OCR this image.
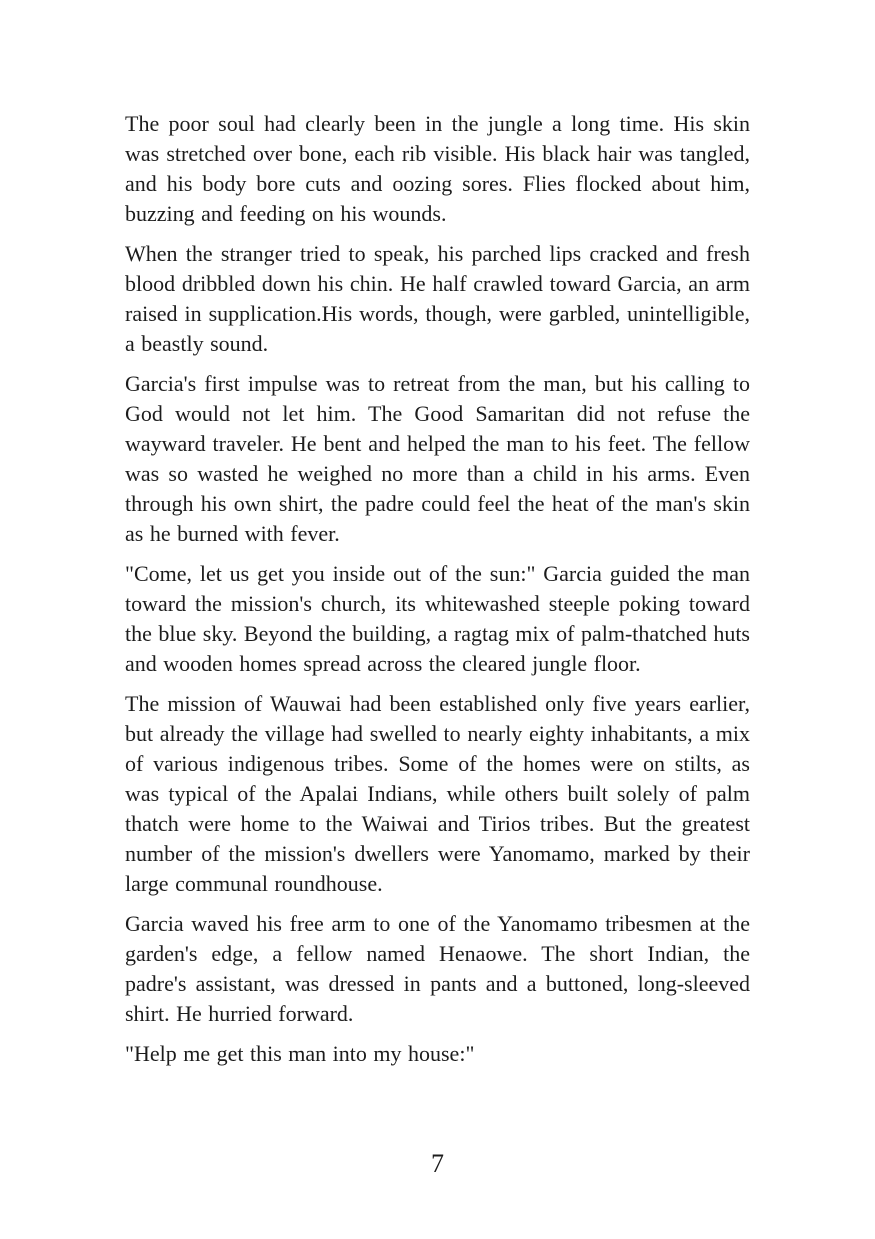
The poor soul had clearly been in the jungle a long time. His skin was stretched over bone, each rib visible. His black hair was tangled, and his body bore cuts and oozing sores. Flies flocked about him, buzzing and feeding on his wounds.

When the stranger tried to speak, his parched lips cracked and fresh blood dribbled down his chin. He half crawled toward Garcia, an arm raised in supplication.His words, though, were garbled, unintelligible, a beastly sound.

Garcia's first impulse was to retreat from the man, but his calling to God would not let him. The Good Samaritan did not refuse the wayward traveler. He bent and helped the man to his feet. The fellow was so wasted he weighed no more than a child in his arms. Even through his own shirt, the padre could feel the heat of the man's skin as he burned with fever.

"Come, let us get you inside out of the sun:" Garcia guided the man toward the mission's church, its whitewashed steeple poking toward the blue sky. Beyond the building, a ragtag mix of palm-thatched huts and wooden homes spread across the cleared jungle floor.

The mission of Wauwai had been established only five years earlier, but already the village had swelled to nearly eighty inhabitants, a mix of various indigenous tribes. Some of the homes were on stilts, as was typical of the Apalai Indians, while others built solely of palm thatch were home to the Waiwai and Tirios tribes. But the greatest number of the mission's dwellers were Yanomamo, marked by their large communal roundhouse.

Garcia waved his free arm to one of the Yanomamo tribesmen at the garden's edge, a fellow named Henaowe. The short Indian, the padre's assistant, was dressed in pants and a buttoned, long-sleeved shirt. He hurried forward.

"Help me get this man into my house:"

7
